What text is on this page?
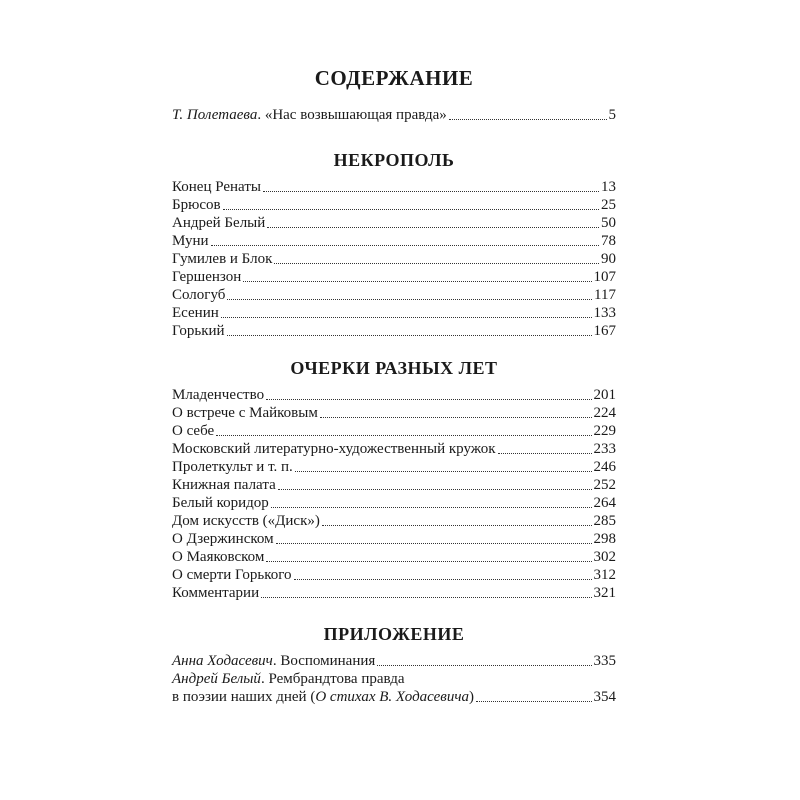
СОДЕРЖАНИЕ
Т. Полетаева. «Нас возвышающая правда»	5
НЕКРОПОЛЬ
Конец Ренаты	13
Брюсов	25
Андрей Белый	50
Муни	78
Гумилев и Блок	90
Гершензон	107
Сологуб	117
Есенин	133
Горький	167
ОЧЕРКИ РАЗНЫХ ЛЕТ
Младенчество	201
О встрече с Майковым	224
О себе	229
Московский литературно-художественный кружок	233
Пролеткульт и т. п.	246
Книжная палата	252
Белый коридор	264
Дом искусств («Диск»)	285
О Дзержинском	298
О Маяковском	302
О смерти Горького	312
Комментарии	321
ПРИЛОЖЕНИЕ
Анна Ходасевич. Воспоминания	335
Андрей Белый. Рембрандтова правда
в поэзии наших дней (О стихах В. Ходасевича)	354
